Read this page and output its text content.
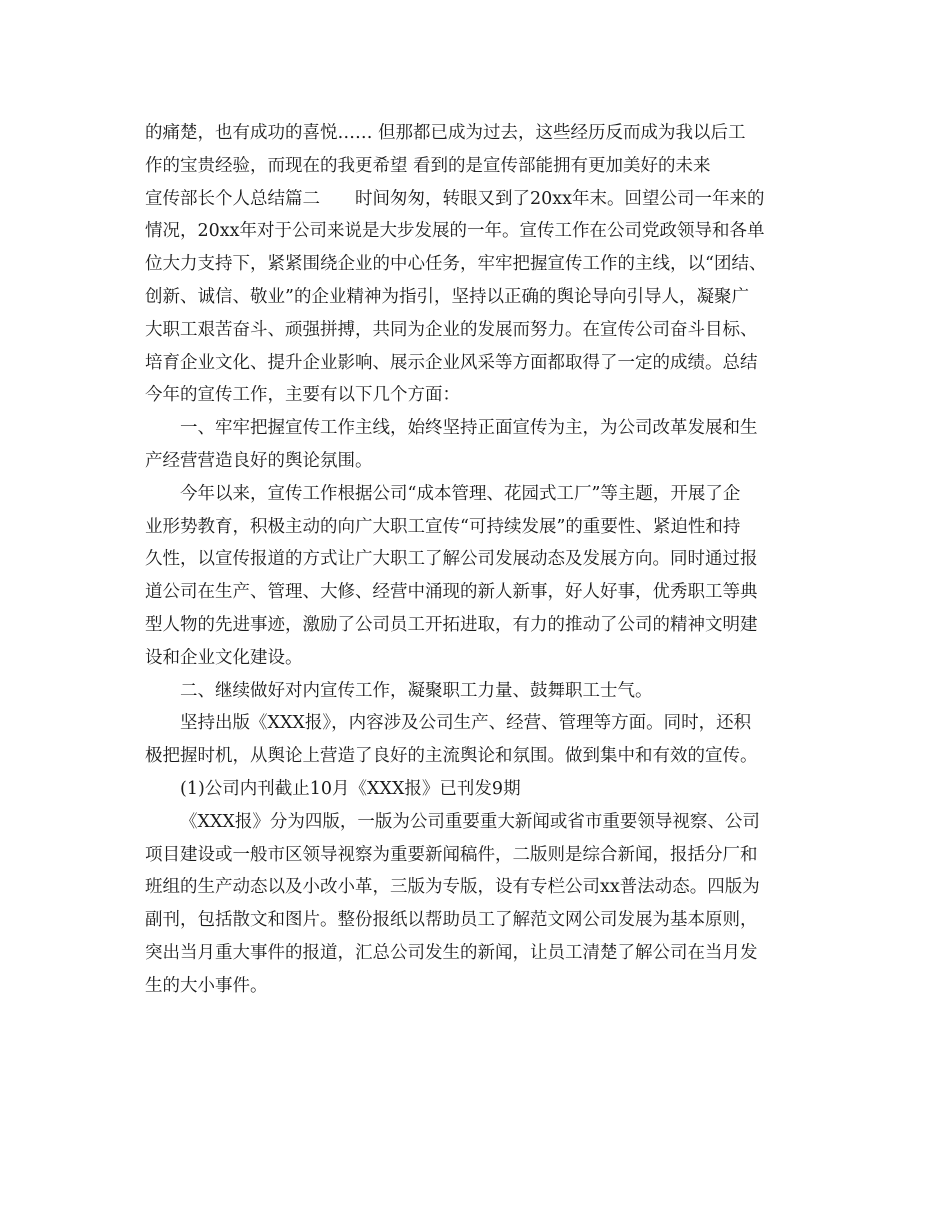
的痛楚，也有成功的喜悦…… 但那都已成为过去，这些经历反而成为我以后工
作的宝贵经验，而现在的我更希望 看到的是宣传部能拥有更加美好的未来
宣传部长个人总结篇二　　时间匆匆，转眼又到了20xx年末。回望公司一年来的
情况，20xx年对于公司来说是大步发展的一年。宣传工作在公司党政领导和各单
位大力支持下，紧紧围绕企业的中心任务，牢牢把握宣传工作的主线，以“团结、
创新、诚信、敬业”的企业精神为指引，坚持以正确的舆论导向引导人，凝聚广
大职工艰苦奋斗、顽强拼搏，共同为企业的发展而努力。在宣传公司奋斗目标、
培育企业文化、提升企业影响、展示企业风采等方面都取得了一定的成绩。总结
今年的宣传工作，主要有以下几个方面：
一、牢牢把握宣传工作主线，始终坚持正面宣传为主，为公司改革发展和生
产经营营造良好的舆论氛围。
今年以来，宣传工作根据公司“成本管理、花园式工厂”等主题，开展了企
业形势教育，积极主动的向广大职工宣传“可持续发展”的重要性、紧迫性和持
久性，以宣传报道的方式让广大职工了解公司发展动态及发展方向。同时通过报
道公司在生产、管理、大修、经营中涌现的新人新事，好人好事，优秀职工等典
型人物的先进事迹，激励了公司员工开拓进取，有力的推动了公司的精神文明建
设和企业文化建设。
二、继续做好对内宣传工作，凝聚职工力量、鼓舞职工士气。
坚持出版《XXX报》，内容涉及公司生产、经营、管理等方面。同时，还积
极把握时机，从舆论上营造了良好的主流舆论和氛围。做到集中和有效的宣传。
(1)公司内刊截止10月《XXX报》已刊发9期
《XXX报》分为四版，一版为公司重要重大新闻或省市重要领导视察、公司
项目建设或一般市区领导视察为重要新闻稿件，二版则是综合新闻，报括分厂和
班组的生产动态以及小改小革，三版为专版，设有专栏公司xx普法动态。四版为
副刊，包括散文和图片。整份报纸以帮助员工了解范文网公司发展为基本原则，
突出当月重大事件的报道，汇总公司发生的新闻，让员工清楚了解公司在当月发
生的大小事件。
